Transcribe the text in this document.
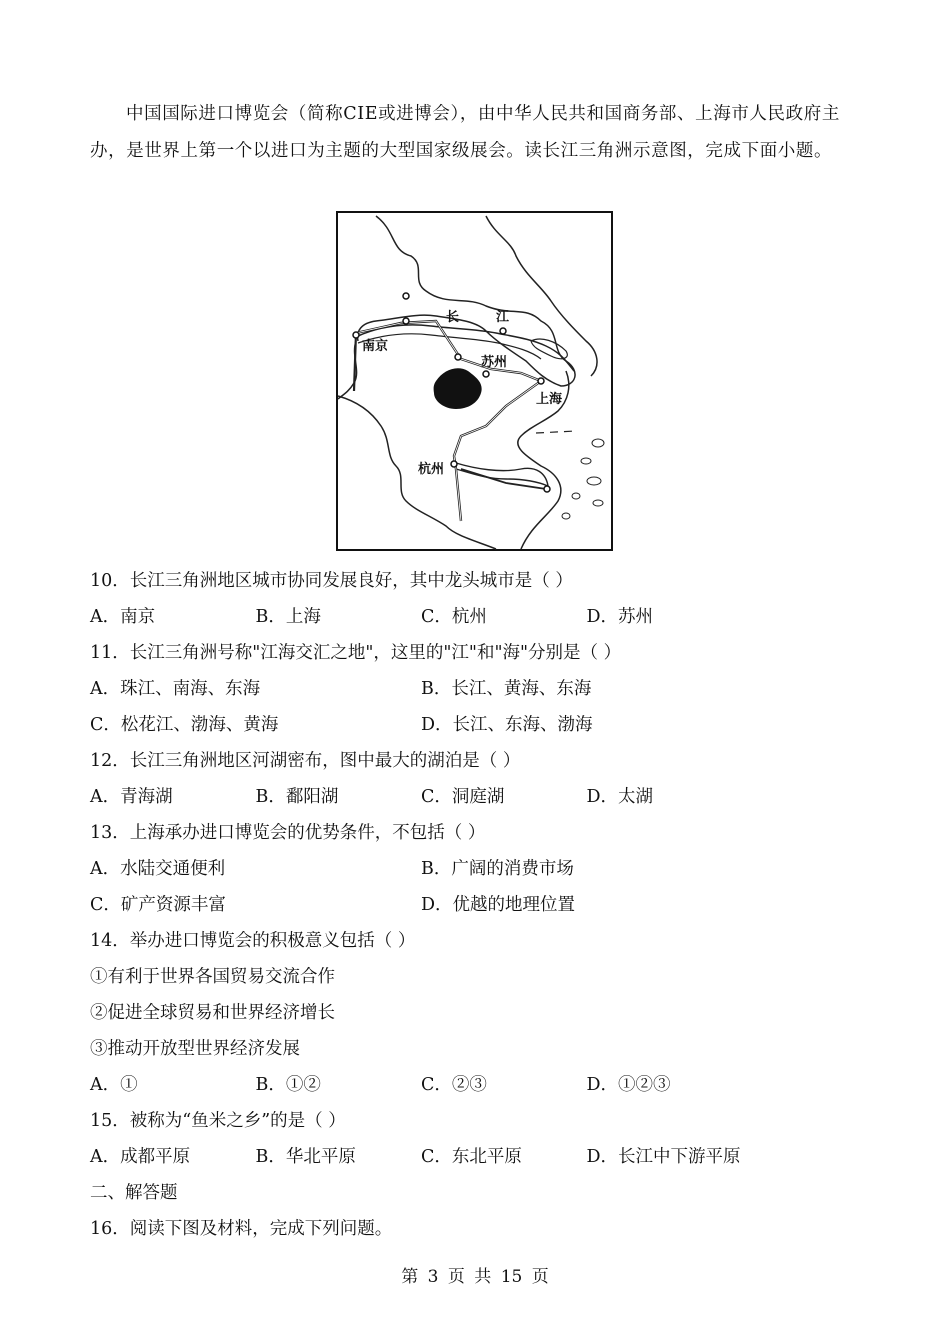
中国国际进口博览会（简称CIE或进博会），由中华人民共和国商务部、上海市人民政府主办，是世界上第一个以进口为主题的大型国家级展会。读长江三角洲示意图，完成下面小题。

长	江
南京
苏州
上海
杭州
10．长江三角洲地区城市协同发展良好，其中龙头城市是（ ）
A．南京	B．上海	C．杭州	D．苏州
11．长江三角洲号称"江海交汇之地"，这里的"江"和"海"分别是（ ）
A．珠江、南海、东海	B．长江、黄海、东海
C．松花江、渤海、黄海	D．长江、东海、渤海
12．长江三角洲地区河湖密布，图中最大的湖泊是（ ）
A．青海湖	B．鄱阳湖	C．洞庭湖	D．太湖
13．上海承办进口博览会的优势条件，不包括（ ）
A．水陆交通便利	B．广阔的消费市场
C．矿产资源丰富	D．优越的地理位置
14．举办进口博览会的积极意义包括（ ）
①有利于世界各国贸易交流合作
②促进全球贸易和世界经济增长
③推动开放型世界经济发展
A．①	B．①②	C．②③	D．①②③
15．被称为“鱼米之乡”的是（ ）
A．成都平原	B．华北平原	C．东北平原	D．长江中下游平原
二、解答题
16．阅读下图及材料，完成下列问题。
第 3 页 共 15 页
